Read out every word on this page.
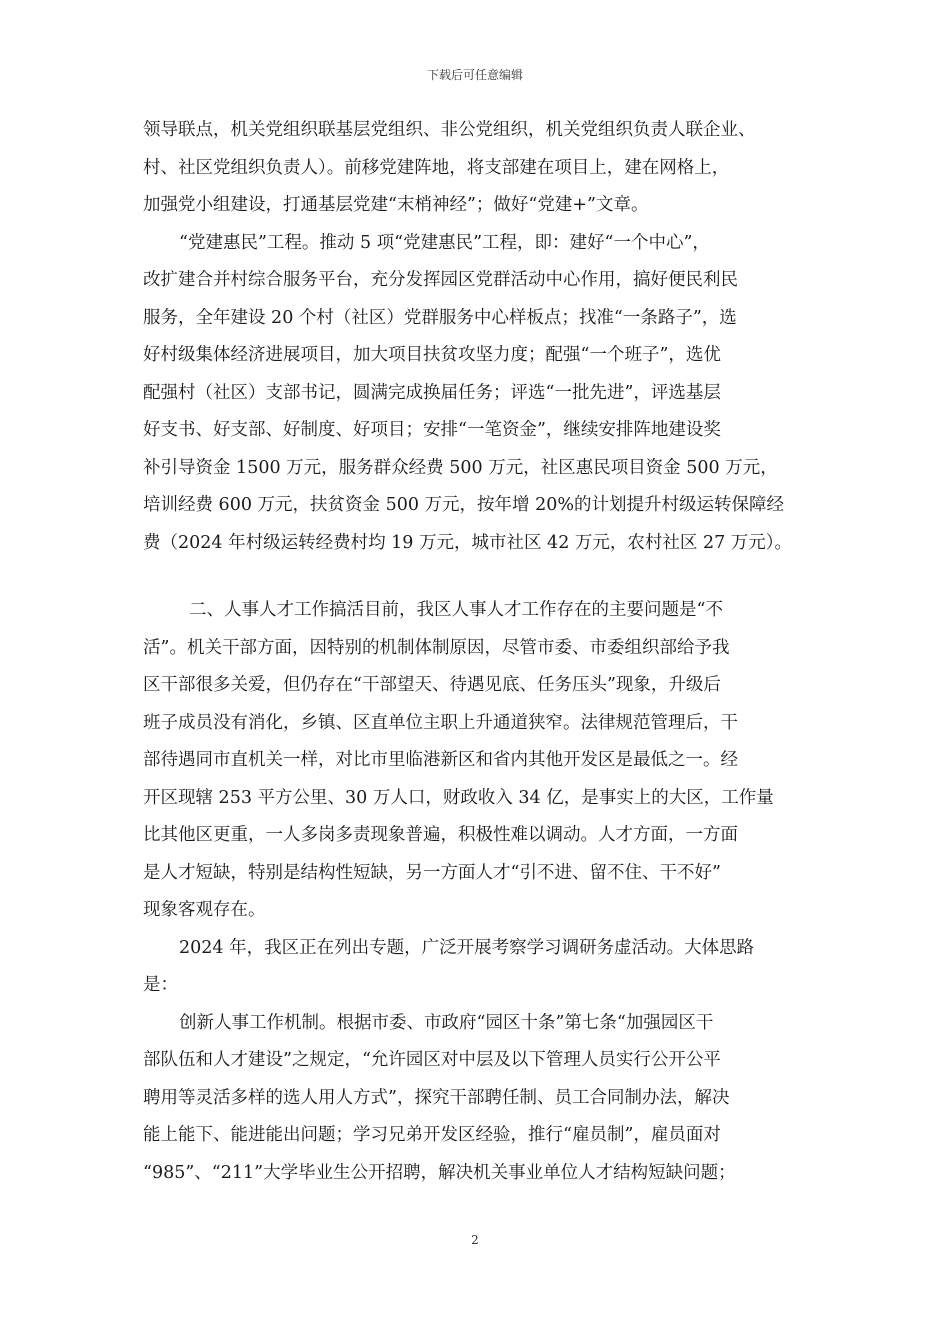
下载后可任意编辑
领导联点，机关党组织联基层党组织、非公党组织，机关党组织负责人联企业、
村、社区党组织负责人）。前移党建阵地，将支部建在项目上，建在网格上，
加强党小组建设，打通基层党建“末梢神经”；做好“党建+”文章。
“党建惠民”工程。推动 5 项“党建惠民”工程，即：建好“一个中心”，
改扩建合并村综合服务平台，充分发挥园区党群活动中心作用，搞好便民利民
服务，全年建设 20 个村（社区）党群服务中心样板点；找准“一条路子”，选
好村级集体经济进展项目，加大项目扶贫攻坚力度；配强“一个班子”，选优
配强村（社区）支部书记，圆满完成换届任务；评选“一批先进”，评选基层
好支书、好支部、好制度、好项目；安排“一笔资金”，继续安排阵地建设奖
补引导资金 1500 万元，服务群众经费 500 万元，社区惠民项目资金 500 万元，
培训经费 600 万元，扶贫资金 500 万元，按年增 20%的计划提升村级运转保障经
费（2024 年村级运转经费村均 19 万元，城市社区 42 万元，农村社区 27 万元）。
二、人事人才工作搞活目前，我区人事人才工作存在的主要问题是“不
活”。机关干部方面，因特别的机制体制原因，尽管市委、市委组织部给予我
区干部很多关爱，但仍存在“干部望天、待遇见底、任务压头”现象，升级后
班子成员没有消化，乡镇、区直单位主职上升通道狭窄。法律规范管理后，干
部待遇同市直机关一样，对比市里临港新区和省内其他开发区是最低之一。经
开区现辖 253 平方公里、30 万人口，财政收入 34 亿，是事实上的大区，工作量
比其他区更重，一人多岗多责现象普遍，积极性难以调动。人才方面，一方面
是人才短缺，特别是结构性短缺，另一方面人才“引不进、留不住、干不好”
现象客观存在。
2024 年，我区正在列出专题，广泛开展考察学习调研务虚活动。大体思路
是：
创新人事工作机制。根据市委、市政府“园区十条”第七条“加强园区干
部队伍和人才建设”之规定，“允许园区对中层及以下管理人员实行公开公平
聘用等灵活多样的选人用人方式”，探究干部聘任制、员工合同制办法，解决
能上能下、能进能出问题；学习兄弟开发区经验，推行“雇员制”，雇员面对
“985”、“211”大学毕业生公开招聘，解决机关事业单位人才结构短缺问题；
2
